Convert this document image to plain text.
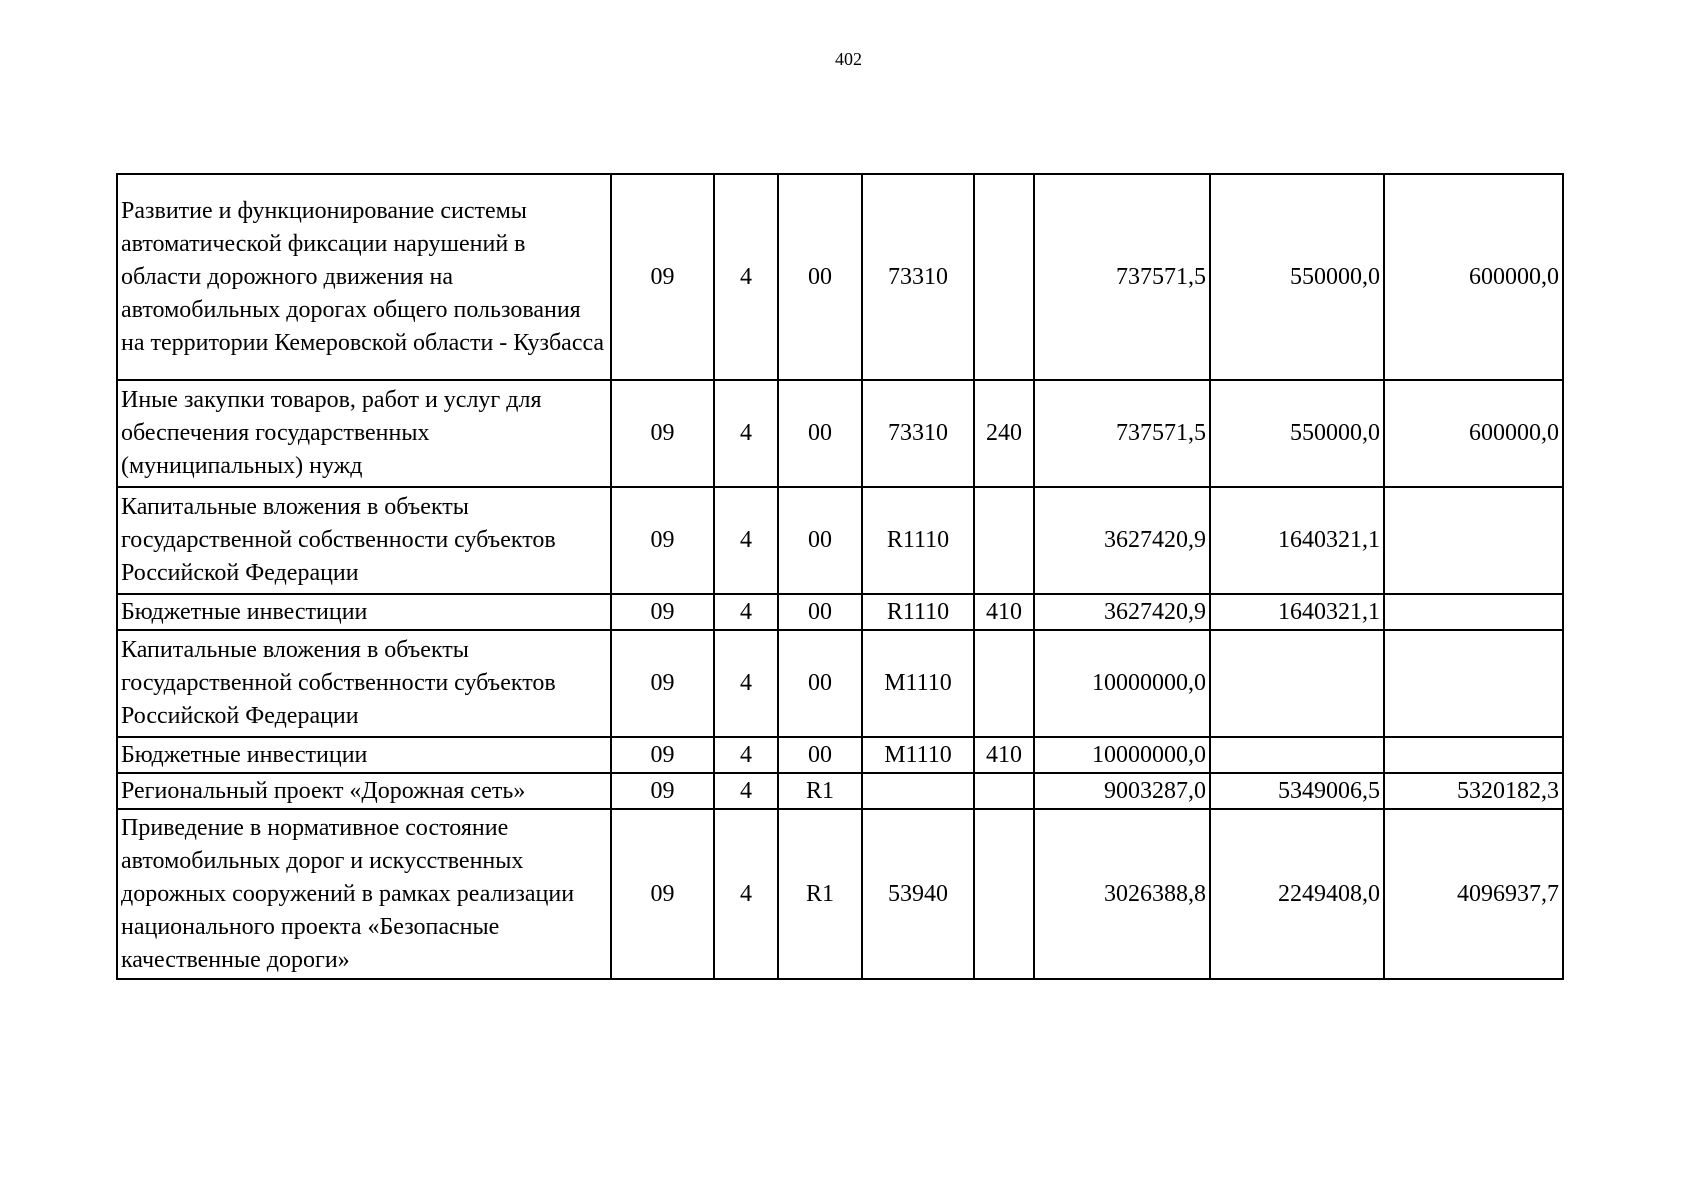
402
Развитие и функционирование системы автоматической фиксации нарушений в области дорожного движения на автомобильных дорогах общего пользования на территории Кемеровской области - Кузбасса	09	4	00	73310		737571,5	550000,0	600000,0
Иные закупки товаров, работ и услуг для обеспечения государственных (муниципальных) нужд	09	4	00	73310	240	737571,5	550000,0	600000,0
Капитальные вложения в объекты государственной собственности субъектов Российской Федерации	09	4	00	R1110		3627420,9	1640321,1	
Бюджетные инвестиции	09	4	00	R1110	410	3627420,9	1640321,1	
Капитальные вложения в объекты государственной собственности субъектов Российской Федерации	09	4	00	М1110		10000000,0		
Бюджетные инвестиции	09	4	00	М1110	410	10000000,0		
Региональный проект «Дорожная сеть»	09	4	R1			9003287,0	5349006,5	5320182,3
Приведение в нормативное состояние автомобильных дорог и искусственных дорожных сооружений в рамках реализации национального проекта «Безопасные качественные дороги»	09	4	R1	53940		3026388,8	2249408,0	4096937,7
